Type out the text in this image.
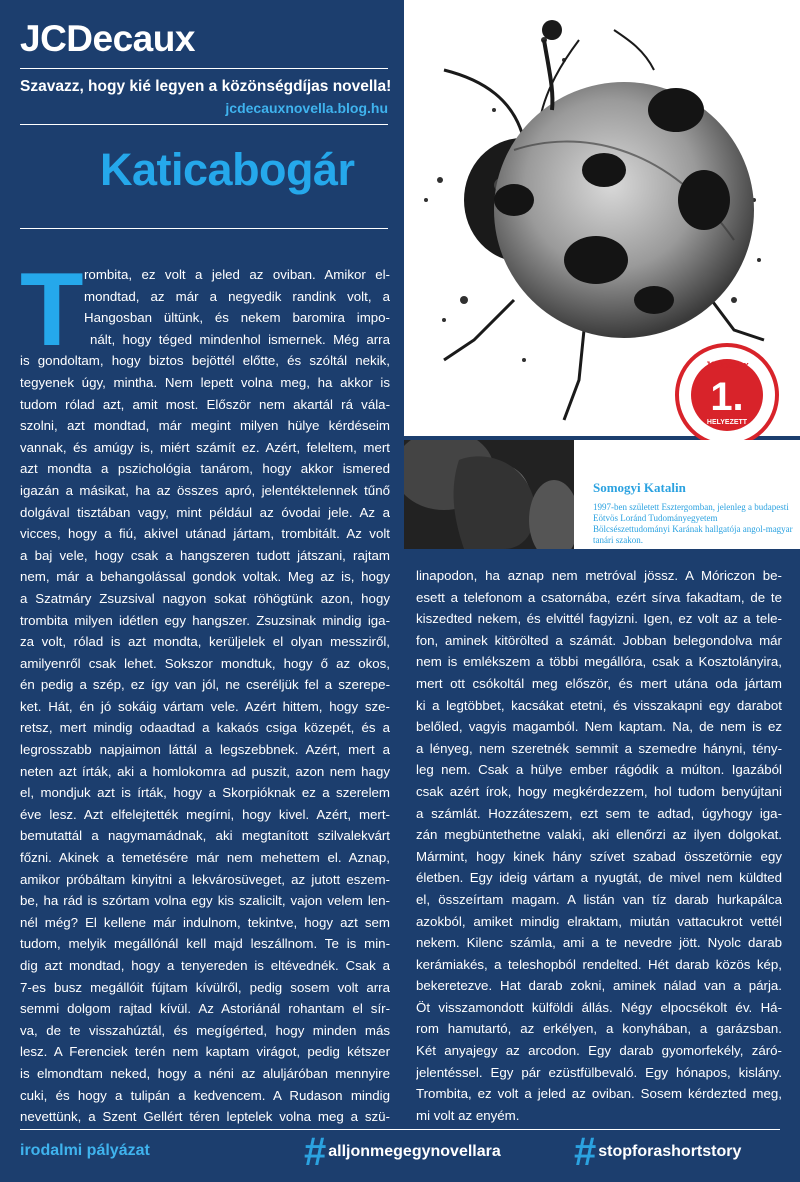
JCDecaux
Szavazz, hogy kié legyen a közönségdíjas novella!
jcdecauxnovella.blog.hu
Katicabogár
JCDecaux
1.
HELYEZETT
Somogyi Katalin
1997-ben született Esztergomban, jelenleg a budapesti Eötvös Loránd Tudományegyetem Bölcsészettudományi Karának hallgatója angol-magyar tanári szakon.
T rombita, ez volt a jeled az oviban. Amikor el-
mondtad, az már a negyedik randink volt, a
Hangosban ültünk, és nekem baromira impo-
nált, hogy téged mindenhol ismernek. Még arra
is gondoltam, hogy biztos bejöttél előtte, és szóltál nekik,
tegyenek úgy, mintha. Nem lepett volna meg, ha akkor is
tudom rólad azt, amit most. Először nem akartál rá vála-
szolni, azt mondtad, már megint milyen hülye kérdéseim
vannak, és amúgy is, miért számít ez. Azért, feleltem, mert
azt mondta a pszichológia tanárom, hogy akkor ismered
igazán a másikat, ha az összes apró, jelentéktelennek tűnő
dolgával tisztában vagy, mint például az óvodai jele. Az a
vicces, hogy a fiú, akivel utánad jártam, trombitált. Az volt
a baj vele, hogy csak a hangszeren tudott játszani, rajtam
nem, már a behangolással gondok voltak. Meg az is, hogy
a Szatmáry Zsuzsival nagyon sokat röhögtünk azon, hogy
trombita milyen idétlen egy hangszer. Zsuzsinak mindig iga-
za volt, rólad is azt mondta, kerüljelek el olyan messziről,
amilyenről csak lehet. Sokszor mondtuk, hogy ő az okos,
én pedig a szép, ez így van jól, ne cseréljük fel a szerepe-
ket. Hát, én jó sokáig vártam vele. Azért hittem, hogy sze-
retsz, mert mindig odaadtad a kakaós csiga közepét, és a
legrosszabb napjaimon láttál a legszebbnek. Azért, mert a
neten azt írták, aki a homlokomra ad puszit, azon nem hagy
el, mondjuk azt is írták, hogy a Skorpióknak ez a szerelem
éve lesz. Azt elfelejtették megírni, hogy kivel. Azért, mert-
bemutattál a nagymamádnak, aki megtanított szilvalekvárt
főzni. Akinek a temetésére már nem mehettem el. Aznap,
amikor próbáltam kinyitni a lekvárosüveget, az jutott eszem-
be, ha rád is szórtam volna egy kis szalicilt, vajon velem len-
nél még? El kellene már indulnom, tekintve, hogy azt sem
tudom, melyik megállónál kell majd leszállnom. Te is min-
dig azt mondtad, hogy a tenyereden is eltévednék. Csak a
7-es busz megállóit fújtam kívülről, pedig sosem volt arra
semmi dolgom rajtad kívül. Az Astoriánál rohantam el sír-
va, de te visszahúztál, és megígérted, hogy minden más
lesz. A Ferenciek terén nem kaptam virágot, pedig kétszer
is elmondtam neked, hogy a néni az aluljáróban mennyire
cuki, és hogy a tulipán a kedvencem. A Rudason mindig
nevettünk, a Szent Gellért téren leptelek volna meg a szü-
linapodon, ha aznap nem metróval jössz. A Móriczon be-
esett a telefonom a csatornába, ezért sírva fakadtam, de te
kiszedted nekem, és elvittél fagyizni. Igen, ez volt az a tele-
fon, aminek kitörölted a számát. Jobban belegondolva már
nem is emlékszem a többi megállóra, csak a Kosztolányira,
mert ott csókoltál meg először, és mert utána oda jártam
ki a legtöbbet, kacsákat etetni, és visszakapni egy darabot
belőled, vagyis magamból. Nem kaptam. Na, de nem is ez
a lényeg, nem szeretnék semmit a szemedre hányni, tény-
leg nem. Csak a hülye ember rágódik a múlton. Igazából
csak azért írok, hogy megkérdezzem, hol tudom benyújtani
a számlát. Hozzáteszem, ezt sem te adtad, úgyhogy iga-
zán megbüntethetne valaki, aki ellenőrzi az ilyen dolgokat.
Mármint, hogy kinek hány szívet szabad összetörnie egy
életben. Egy ideig vártam a nyugtát, de mivel nem küldted
el, összeírtam magam. A listán van tíz darab hurkapálca
azokból, amiket mindig elraktam, miután vattacukrot vettél
nekem. Kilenc számla, ami a te nevedre jött. Nyolc darab
kerámiakés, a teleshopból rendelted. Hét darab közös kép,
bekeretezve. Hat darab zokni, aminek nálad van a párja.
Öt visszamondott külföldi állás. Négy elpocsékolt év. Há-
rom hamutartó, az erkélyen, a konyhában, a garázsban.
Két anyajegy az arcodon. Egy darab gyomorfekély, záró-
jelentéssel. Egy pár ezüstfülbevaló. Egy hónapos, kislány.
Trombita, ez volt a jeled az oviban. Sosem kérdezted meg,
mi volt az enyém.
irodalmi pályázat	# alljonmegegynovellara # stopforashortstory
